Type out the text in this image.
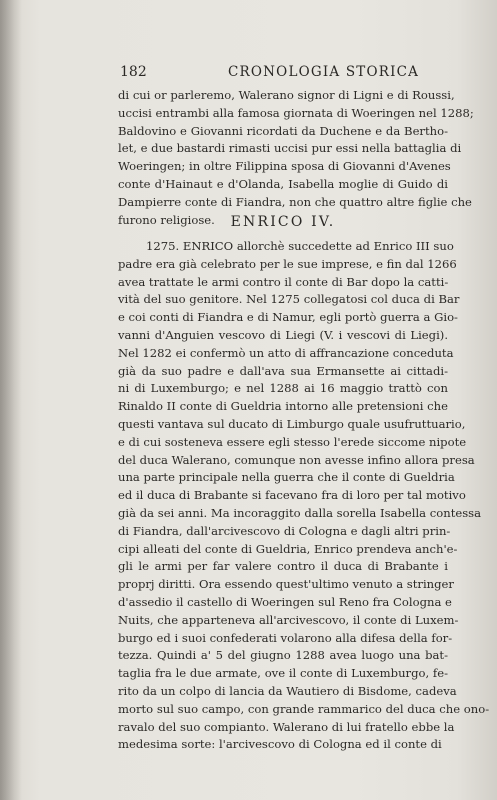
182	CRONOLOGIA STORICA
di cui or parleremo, Walerano signor di Ligni e di Roussi,
uccisi entrambi alla famosa giornata di Woeringen nel 1288;
Baldovino e Giovanni ricordati da Duchene e da Bertho-
let, e due bastardi rimasti uccisi pur essi nella battaglia di
Woeringen; in oltre Filippina sposa di Giovanni d'Avenes
conte d'Hainaut e d'Olanda, Isabella moglie di Guido di
Dampierre conte di Fiandra, non che quattro altre figlie che
furono religiose.	ENRICO IV.
1275. ENRICO allorchè succedette ad Enrico III suo
padre era già celebrato per le sue imprese, e fin dal 1266
avea trattate le armi contro il conte di Bar dopo la catti-
vità del suo genitore. Nel 1275 collegatosi col duca di Bar
e coi conti di Fiandra e di Namur, egli portò guerra a Gio-
vanni d'Anguien vescovo di Liegi (V. i vescovi di Liegi).
Nel 1282 ei confermò un atto di affrancazione conceduta
già da suo padre e dall'ava sua Ermansette ai cittadi-
ni di Luxemburgo; e nel 1288 ai 16 maggio trattò con
Rinaldo II conte di Gueldria intorno alle pretensioni che
questi vantava sul ducato di Limburgo quale usufruttuario,
e di cui sosteneva essere egli stesso l'erede siccome nipote
del duca Walerano, comunque non avesse infino allora presa
una parte principale nella guerra che il conte di Gueldria
ed il duca di Brabante si facevano fra di loro per tal motivo
già da sei anni. Ma incoraggito dalla sorella Isabella contessa
di Fiandra, dall'arcivescovo di Cologna e dagli altri prin-
cipi alleati del conte di Gueldria, Enrico prendeva anch'e-
gli le armi per far valere contro il duca di Brabante i
proprj diritti. Ora essendo quest'ultimo venuto a stringer
d'assedio il castello di Woeringen sul Reno fra Cologna e
Nuits, che apparteneva all'arcivescovo, il conte di Luxem-
burgo ed i suoi confederati volarono alla difesa della for-
tezza. Quindi a' 5 del giugno 1288 avea luogo una bat-
taglia fra le due armate, ove il conte di Luxemburgo, fe-
rito da un colpo di lancia da Wautiero di Bisdome, cadeva
morto sul suo campo, con grande rammarico del duca che ono-
ravalo del suo compianto. Walerano di lui fratello ebbe la
medesima sorte: l'arcivescovo di Cologna ed il conte di
